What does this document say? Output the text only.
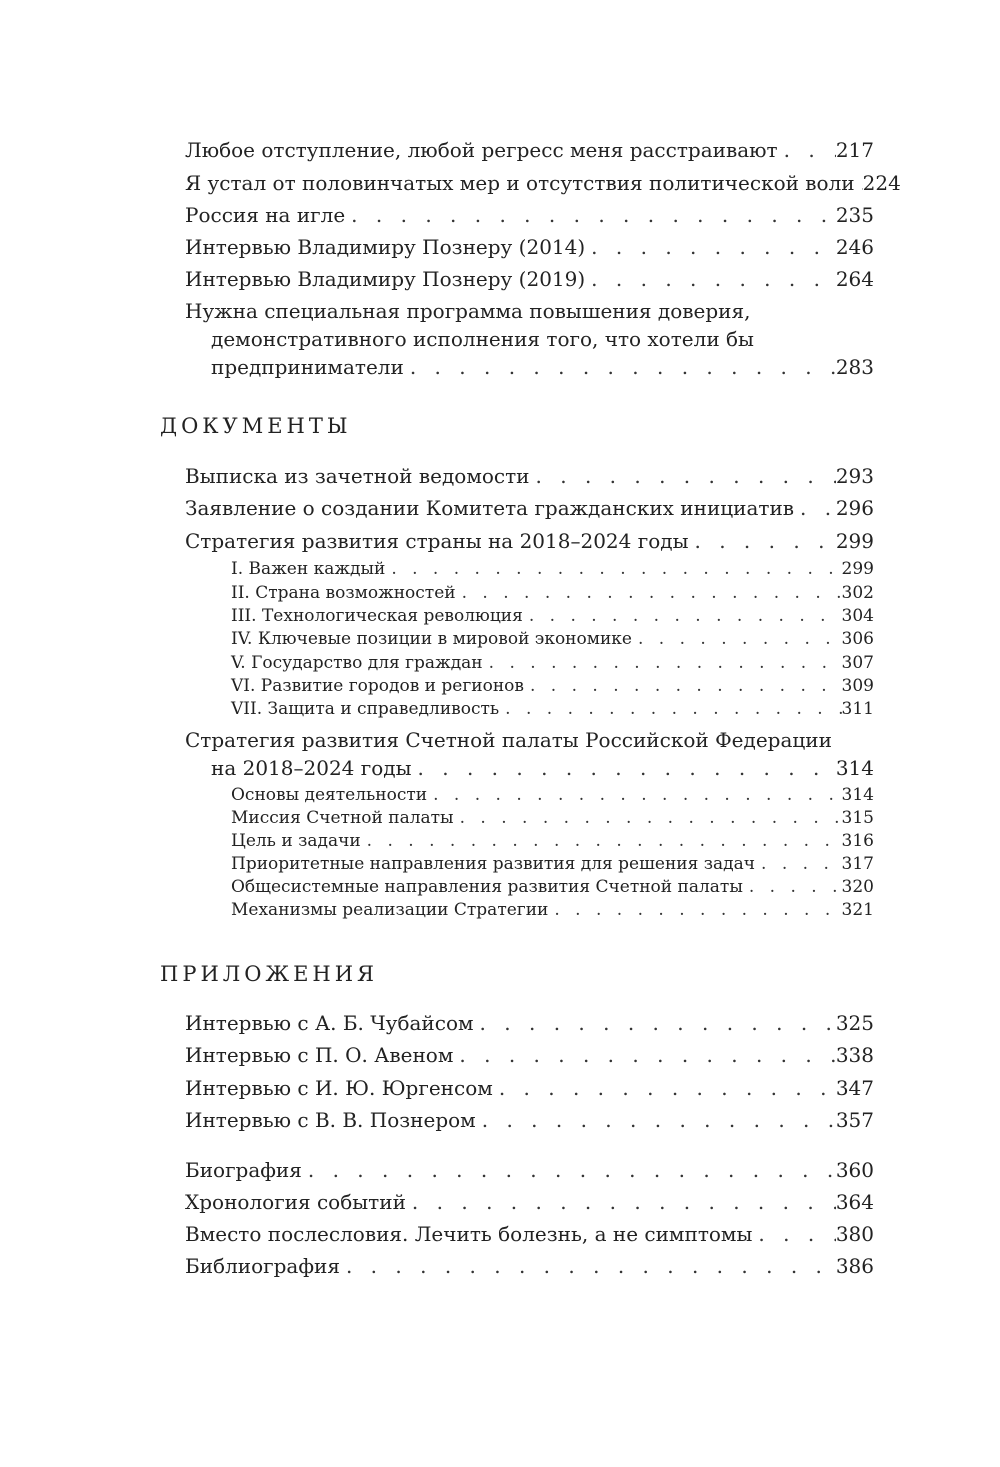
Любое отступление, любой регресс меня расстраивают . . .	217
Я устал от половинчатых мер и отсутствия политической воли . . . 224
Россия на игле . . .	235
Интервью Владимиру Познеру (2014) . . .	246
Интервью Владимиру Познеру (2019) . . .	264
Нужна специальная программа повышения доверия,
демонстративного исполнения того, что хотели бы
предприниматели . . .	283
ДОКУМЕНТЫ
Выписка из зачетной ведомости . . .	293
Заявление о создании Комитета гражданских инициатив . . . 296
Стратегия развития страны на 2018–2024 годы . . .	299
I. Важен каждый . . .	299
II. Страна возможностей . . .	302
III. Технологическая революция . . .	304
IV. Ключевые позиции в мировой экономике . . .	306
V. Государство для граждан . . .	307
VI. Развитие городов и регионов . . .	309
VII. Защита и справедливость . . .	311
Стратегия развития Счетной палаты Российской Федерации
на 2018–2024 годы . . .	314
Основы деятельности . . .	314
Миссия Счетной палаты . . .	315
Цель и задачи . . .	316
Приоритетные направления развития для решения задач . . .	317
Общесистемные направления развития Счетной палаты . . .	320
Механизмы реализации Стратегии . . .	321
ПРИЛОЖЕНИЯ
Интервью с А. Б. Чубайсом . . .	325
Интервью с П. О. Авеном . . .	338
Интервью с И. Ю. Юргенсом . . .	347
Интервью с В. В. Познером . . .	357
Биография . . .	360
Хронология событий . . .	364
Вместо послесловия. Лечить болезнь, а не симптомы . . .	380
Библиография . . .	386
